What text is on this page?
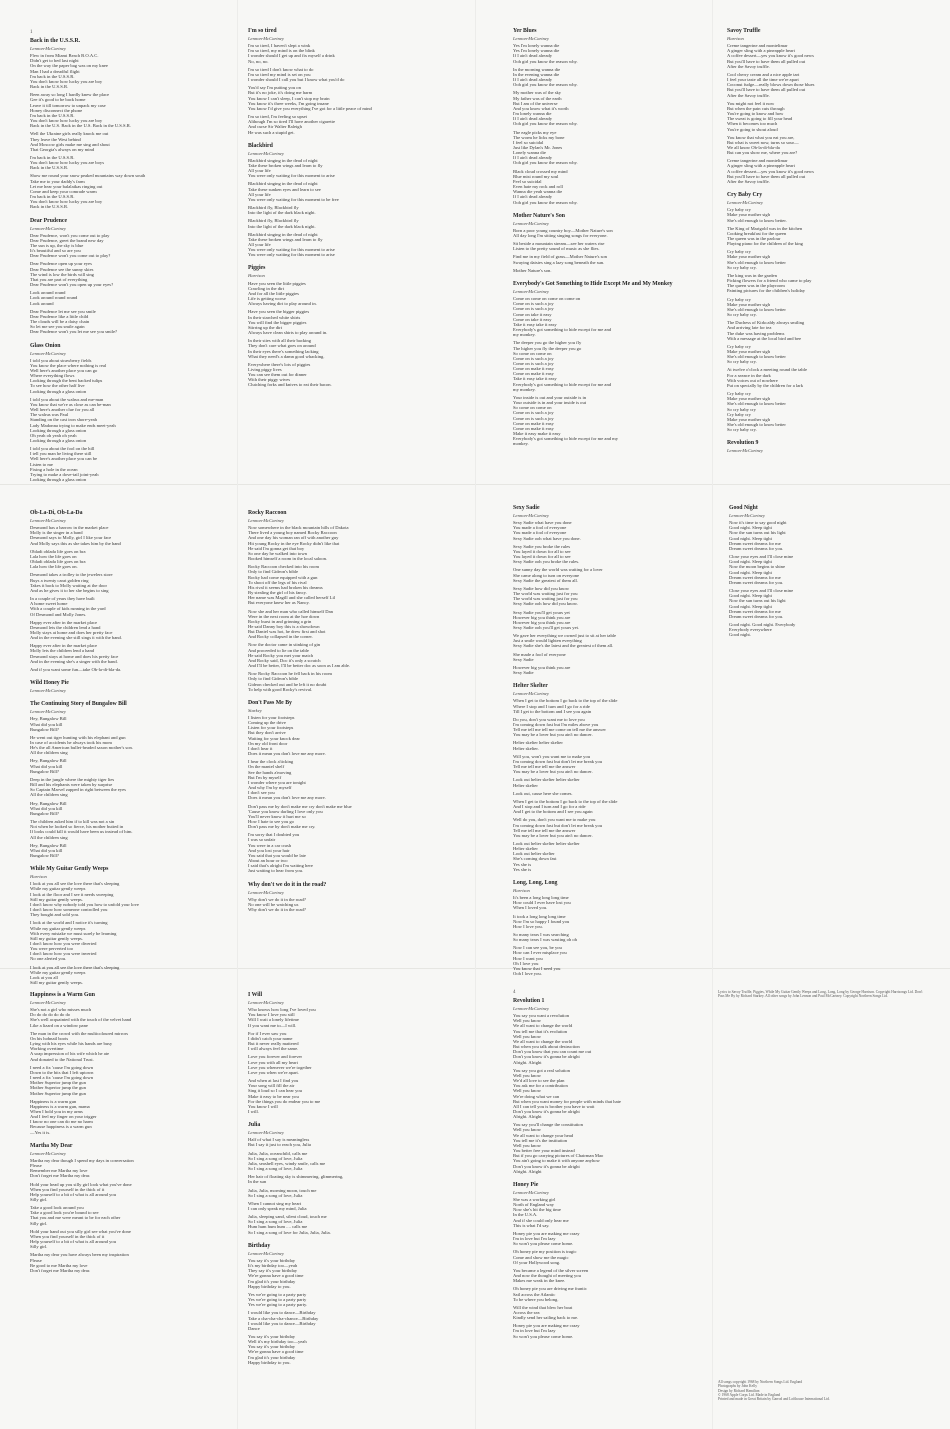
1
Back in the U.S.S.R.
Lennon-McCartney
Flew in from Miami Beach B.O.A.C.
Didn't get to bed last night
On the way the paper bag was on my knee
Man I had a dreadful flight
I'm back in the U.S.S.R.
You don't know how lucky you are boy
Back in the U.S.S.R.
Been away so long I hardly knew the place
Gee it's good to be back home
Leave it till tomorrow to unpack my case
Honey disconnect the phone
I'm back in the U.S.S.R.
You don't know how lucky you are boy
Back in the U.S. Back in the U.S. Back in the U.S.S.R.
Well the Ukraine girls really knock me out
They leave the West behind
And Moscow girls make me sing and shout
That Georgia's always on my mind
I'm back in the U.S.S.R.
You don't know how lucky you are boys
Back in the U.S.S.R.
Show me round your snow peaked mountains way down south
Take me to your daddy's farm
Let me hear your balalaikas ringing out
Come and keep your comrade warm
I'm back in the U.S.S.R.
You don't know how lucky you are boy
Back in the U.S.S.R.
Dear Prudence
Lennon-McCartney
Dear Prudence, won't you come out to play
Dear Prudence, greet the brand new day
The sun is up, the sky is blue
It's beautiful and so are you
Dear Prudence won't you come out to play?
Dear Prudence open up your eyes
Dear Prudence see the sunny skies
The wind is low the birds will sing
That you are part of everything
Dear Prudence won't you open up your eyes?
Look around round
Look around round round
Look around
Dear Prudence let me see you smile
Dear Prudence like a little child
The clouds will be a daisy chain
So let me see you smile again
Dear Prudence won't you let me see you smile?
Glass Onion
Lennon-McCartney
I told you about strawberry fields
You know the place where nothing is real
Well here's another place you can go
Where everything flows
Looking through the bent backed tulips
To see how the other half live
Looking through a glass onion
I told you about the walrus and me-man
You know that we're as close as can be-man
Well here's another clue for you all
The walrus was Paul
Standing on the cast iron shore-yeah
Lady Madonna trying to make ends meet-yeah
Looking through a glass onion
Oh yeah oh yeah oh yeah
Looking through a glass onion
I told you about the fool on the hill
I tell you man he living there still
Well here's another place you can be
Listen to me
Fixing a hole in the ocean
Trying to make a dove-tail joint-yeah
Looking through a glass onion
I'm so tired
Lennon-McCartney
I'm so tired, I haven't slept a wink
I'm so tired, my mind is on the blink
I wonder should I get up and fix myself a drink
No, no, no.
I'm so tired I don't know what to do
I'm so tired my mind is set on you
I wonder should I call you but I know what you'd do
You'd say I'm putting you on
But it's no joke, it's doing me harm
You know I can't sleep, I can't stop my brain
You know it's three weeks, I'm going insane
You know I'd give you everything I've got for a little peace of mind
I'm so tired, I'm feeling so upset
Although I'm so tired I'll have another cigarette
And curse Sir Walter Raleigh
He was such a stupid get.
Blackbird
Lennon-McCartney
Blackbird singing in the dead of night
Take these broken wings and learn to fly
All your life
You were only waiting for this moment to arise
Blackbird singing in the dead of night
Take these sunken eyes and learn to see
All your life
You were only waiting for this moment to be free
Blackbird fly, Blackbird fly
Into the light of the dark black night.
Blackbird fly, Blackbird fly
Into the light of the dark black night.
Blackbird singing in the dead of night
Take these broken wings and learn to fly
All your life
You were only waiting for this moment to arise
You were only waiting for this moment to arise
Piggies
Harrison
Have you seen the little piggies
Crawling in the dirt
And for all the little piggies
Life is getting worse
Always having dirt to play around in.
Have you seen the bigger piggies
In their starched white shirts
You will find the bigger piggies
Stirring up the dirt
Always have clean shirts to play around in.
In their sties with all their backing
They don't care what goes on around
In their eyes there's something lacking
What they need's a damn good whacking.
Everywhere there's lots of piggies
Living piggy lives
You can see them out for dinner
With their piggy wives
Clutching forks and knives to eat their bacon.
Yer Blues
Lennon-McCartney
Yes I'm lonely wanna die
Yes I'm lonely wanna die
If I ain't dead already
Ooh girl you know the reason why.
In the morning wanna die
In the evening wanna die
If I ain't dead already
Ooh girl you know the reason why.
My mother was of the sky
My father was of the earth
But I am of the universe
And you know what it's worth
I'm lonely wanna die
If I ain't dead already
Ooh girl you know the reason why.
The eagle picks my eye
The worm he licks my bone
I feel so suicidal
Just like Dylan's Mr. Jones
Lonely wanna die
If I ain't dead already
Ooh girl you know the reason why.
Black cloud crossed my mind
Blue mist round my soul
Feel so suicidal
Even hate my rock and roll
Wanna die yeah wanna die
If I ain't dead already
Ooh girl you know the reason why.
Mother Nature's Son
Lennon-McCartney
Born a poor young country boy—Mother Nature's son
All day long I'm sitting singing songs for everyone.
Sit beside a mountain stream—see her waters rise
Listen to the pretty sound of music as she flies.
Find me in my field of grass—Mother Nature's son
Swaying daisies sing a lazy song beneath the sun.
Mother Nature's son.
Everybody's Got Something to Hide Except Me and My Monkey
Lennon-McCartney
Come on come on come on come on
Come on is such a joy
Come on is such a joy
Come on take it easy
Come on take it easy
Take it easy take it easy
Everybody's got something to hide except for me and
my monkey.
The deeper you go the higher you fly
The higher you fly the deeper you go
So come on come on
Come on is such a joy
Come on is such a joy
Come on make it easy
Come on make it easy
Take it easy take it easy
Everybody's got something to hide except for me and
my monkey.
Your inside is out and your outside is in
Your outside is in and your inside is out
So come on come on
Come on is such a joy
Come on is such a joy
Come on make it easy
Come on make it easy
Make it easy make it easy
Everybody's got something to hide except for me and my
monkey.
Savoy Truffle
Harrison
Creme tangerine and montelimar
A ginger sling with a pineapple heart
A coffee dessert—yes you know it's good news
But you'll have to have them all pulled out
After the Savoy truffle.
Cool cherry cream and a nice apple tart
I feel your taste all the time we're apart
Coconut fudge—really blows down those blues
But you'll have to have them all pulled out
After the Savoy truffle.
You might not feel it now
But when the pain cuts through
You're going to know and how
The sweat is going to fill your head
When it becomes too much
You're going to shout aloud
You know that what you eat you are,
But what is sweet now, turns so sour—
We all know Ob-la-di-bla-da
But can you show me, where you are?
Creme tangerine and montelimar
A ginger sling with a pineapple heart
A coffee dessert—yes you know it's good news
But you'll have to have them all pulled out
After the Savoy truffle.
Cry Baby Cry
Lennon-McCartney
Cry baby cry
Make your mother sigh
She's old enough to know better.
The King of Marigold was in the kitchen
Cooking breakfast for the queen
The queen was in the parlour
Playing piano for the children of the king
Cry baby cry
Make your mother sigh
She's old enough to know better
So cry baby cry.
The king was in the garden
Picking flowers for a friend who came to play
The queen was in the playroom
Painting pictures for the children's holiday
Cry baby cry
Make your mother sigh
She's old enough to know better
So cry baby cry.
The Duchess of Kirkcaldy always smiling
And arriving late for tea
The duke was having problems
With a message at the local bird and bee
Cry baby cry
Make your mother sigh
She's old enough to know better
So cry baby cry.
At twelve o'clock a meeting round the table
For a seance in the dark
With voices out of nowhere
Put on specially by the children for a lark
Cry baby cry
Make your mother sigh
She's old enough to know better
So cry baby cry
Cry baby cry
Make your mother sigh
She's old enough to know better
So cry baby cry.
Revolution 9
Lennon-McCartney
Ob-La-Di, Ob-La-Da
Lennon-McCartney
Desmond has a barrow in the market place
Molly is the singer in a band
Desmond says to Molly, girl I like your face
And Molly says this as she takes him by the hand
Obladi oblada life goes on bra
Lala how the life goes on
Obladi oblada life goes on bra
Lala how the life goes on.
Desmond takes a trolley to the jewelers store
Buys a twenty carat golden ring
Takes it back to Molly waiting at the door
And as he gives it to her she begins to sing
In a couple of years they have built
A home sweet home
With a couple of kids running in the yard
Of Desmond and Molly Jones.
Happy ever after in the market place
Desmond lets the children lend a hand
Molly stays at home and does her pretty face
And in the evening she still sings it with the band.
Happy ever after in the market place
Molly lets the children lend a hand
Desmond stays at home and does his pretty face
And in the evening she's a singer with the band.
And if you want some fun—take Ob-la-di-bla-da.
Wild Honey Pie
Lennon-McCartney
The Continuing Story of Bungalow Bill
Lennon-McCartney
Hey, Bungalow Bill
What did you kill
Bungalow Bill?
He went out tiger hunting with his elephant and gun
In case of accidents he always took his mom
He's the all American bullet-headed saxon mother's son.
All the children sing
Hey, Bungalow Bill
What did you kill
Bungalow Bill?
Deep in the jungle where the mighty tiger lies
Bill and his elephants were taken by surprise
So Captain Marvel zapped in right between the eyes
All the children sing
Hey, Bungalow Bill
What did you kill
Bungalow Bill?
The children asked him if to kill was not a sin
Not when he looked so fierce, his mother butted in
If looks could kill it would have been us instead of him.
All the children sing
Hey, Bungalow Bill
What did you kill
Bungalow Bill?
While My Guitar Gently Weeps
Harrison
I look at you all see the love there that's sleeping
While my guitar gently weeps
I look at the floor and I see it needs sweeping
Still my guitar gently weeps.
I don't know why nobody told you how to unfold your love
I don't know how someone controlled you
They bought and sold you.
I look at the world and I notice it's turning
While my guitar gently weeps
With every mistake we must surely be learning
Still my guitar gently weeps.
I don't know how you were diverted
You were perverted too
I don't know how you were inverted
No one alerted you.
I look at you all see the love there that's sleeping
While my guitar gently weeps
Look at you all
Still my guitar gently weeps.
Rocky Raccoon
Lennon-McCartney
Now somewhere in the black mountain hills of Dakota
There lived a young boy named Rocky Raccoon
And one day his woman ran off with another guy
Hit young Rocky in the eye Rocky didn't like that
He said I'm gonna get that boy
So one day he walked into town
Booked himself a room in the local saloon.
Rocky Raccoon checked into his room
Only to find Gideon's bible
Rocky had come equipped with a gun
To shoot off the legs of his rival
His rival it seems had broken his dreams
By stealing the girl of his fancy.
Her name was Magill and she called herself Lil
But everyone knew her as Nancy.
Now she and her man who called himself Dan
Were in the next room at the hoe down
Rocky burst in and grinning a grin
He said Danny boy this is a showdown
But Daniel was hot, he drew first and shot
And Rocky collapsed in the corner.
Now the doctor came in stinking of gin
And proceeded to lie on the table
He said Rocky you met your match
And Rocky said, Doc it's only a scratch
And I'll be better, I'll be better doc as soon as I am able.
Now Rocky Raccoon he fell back in his room
Only to find Gideon's bible
Gideon checked out and he left it no doubt
To help with good Rocky's revival.
Don't Pass Me By
Starkey
I listen for your footsteps
Coming up the drive
Listen for your footsteps
But they don't arrive
Waiting for your knock dear
On my old front door
I don't hear it
Does it mean you don't love me any more.
I hear the clock a'ticking
On the mantel shelf
See the hands a'moving
But I'm by myself
I wonder where you are tonight
And why I'm by myself
I don't see you
Does it mean you don't love me any more.
Don't pass me by don't make me cry don't make me blue
'Cause you know darling I love only you
You'll never know it hurt me so
How I hate to see you go
Don't pass me by don't make me cry.
I'm sorry that I doubted you
I was so unfair
You were in a car crash
And you lost your hair
You said that you would be late
About an hour or two
I said that's alright I'm waiting here
Just waiting to hear from you.
Why don't we do it in the road?
Lennon-McCartney
Why don't we do it in the road?
No one will be watching us
Why don't we do it in the road?
Sexy Sadie
Lennon-McCartney
Sexy Sadie what have you done
You made a fool of everyone
You made a fool of everyone
Sexy Sadie ooh what have you done.
Sexy Sadie you broke the rules
You layed it down for all to see
You layed it down for all to see
Sexy Sadie ooh you broke the rules.
One sunny day the world was waiting for a lover
She came along to turn on everyone
Sexy Sadie the greatest of them all.
Sexy Sadie how did you know
The world was waiting just for you
The world was waiting just for you
Sexy Sadie ooh how did you know.
Sexy Sadie you'll get yours yet
However big you think you are
However big you think you are
Sexy Sadie ooh you'll get yours yet.
We gave her everything we owned just to sit at her table
Just a smile would lighten everything
Sexy Sadie she's the latest and the greatest of them all.
She made a fool of everyone
Sexy Sadie
However big you think you are
Sexy Sadie
Helter Skelter
Lennon-McCartney
When I get to the bottom I go back to the top of the slide
Where I stop and I turn and I go for a ride
Till I get to the bottom and I see you again
Do you, don't you want me to love you
I'm coming down fast but I'm miles above you
Tell me tell me tell me come on tell me the answer
You may be a lover but you ain't no dancer.
Helter skelter helter skelter
Helter skelter.
Will you, won't you want me to make you
I'm coming down fast but don't let me break you
Tell me tell me tell me the answer
You may be a lover but you ain't no dancer.
Look out helter skelter helter skelter
Helter skelter
Look out, cause here she comes.
When I get to the bottom I go back to the top of the slide
And I stop and I turn and I go for a ride
And I get to the bottom and I see you again
Well do you, don't you want me to make you
I'm coming down fast but don't let me break you
Tell me tell me tell me the answer
You may be a lover but you ain't no dancer.
Look out helter skelter helter skelter
Helter skelter
Look out helter skelter
She's coming down fast
Yes she is
Yes she is
Long, Long, Long
Harrison
It's been a long long long time
How could I ever have lost you
When I loved you.
It took a long long long time
Now I'm so happy I found you
How I love you.
So many tears I was searching
So many tears I was wasting oh oh
Now I can see you, be you
How can I ever misplace you
How I want you
Oh I love you
You know that I need you
Ooh I love you.
Good Night
Lennon-McCartney
Now it's time to say good night
Good night. Sleep tight
Now the sun turns out his light
Good night. Sleep tight
Dream sweet dreams for me
Dream sweet dreams for you.
Close your eyes and I'll close mine
Good night. Sleep tight
Now the moon begins to shine
Good night. Sleep tight
Dream sweet dreams for me
Dream sweet dreams for you.
Close your eyes and I'll close mine
Good night. Sleep tight
Now the sun turns out his light
Good night. Sleep tight
Dream sweet dreams for me
Dream sweet dreams for you.
Good night. Good night. Everybody
Everybody everywhere
Good night.
Happiness is a Warm Gun
Lennon-McCartney
She's not a girl who misses much
Do do do do do do do
She's well acquainted with the touch of the velvet hand
Like a lizard on a window pane
The man in the crowd with the multicoloured mirrors
On his hobnail boots
Lying with his eyes while his hands are busy
Working overtime
A soap impression of his wife which he ate
And donated to the National Trust.
I need a fix 'cause I'm going down
Down to the bits that I left uptown
I need a fix 'cause I'm going down
Mother Superior jump the gun
Mother Superior jump the gun
Mother Superior jump the gun
Happiness is a warm gun
Happiness is a warm gun, mama
When I hold you in my arms
And I feel my finger on your trigger
I know no one can do me no harm
Because happiness is a warm gun
—Yes it is.
Martha My Dear
Lennon-McCartney
Martha my dear though I spend my days in conversation
Please
Remember me Martha my love
Don't forget me Martha my dear.
Hold your head up you silly girl look what you've done
When you find yourself in the thick of it
Help yourself to a bit of what is all around you
Silly girl.
Take a good look around you
Take a good look you're bound to see
That you and me were meant to be for each other
Silly girl.
Hold your hand out you silly girl see what you've done
When you find yourself in the thick of it
Help yourself to a bit of what is all around you
Silly girl.
Martha my dear you have always been my inspiration
Please
Be good to me Martha my love
Don't forget me Martha my dear.
I Will
Lennon-McCartney
Who knows how long I've loved you
You know I love you still
Will I wait a lonely lifetime
If you want me to—I will.
For if I ever saw you
I didn't catch your name
But it never really mattered
I will always feel the same.
Love you forever and forever
Love you with all my heart
Love you whenever we're together
Love you when we're apart.
And when at last I find you
Your song will fill the air
Sing it loud so I can hear you
Make it easy to be near you
For the things you do endear you to me
You know I will
I will.
Julia
Lennon-McCartney
Half of what I say is meaningless
But I say it just to reach you, Julia
Julia, Julia, oceanchild, calls me
So I sing a song of love, Julia
Julia, seashell eyes, windy smile, calls me
So I sing a song of love, Julia
Her hair of floating sky is shimmering, glimmering,
In the sun
Julia, Julia, morning moon, touch me
So I sing a song of love, Julia
When I cannot sing my heart
I can only speak my mind, Julia
Julia, sleeping sand, silent cloud, touch me
So I sing a song of love, Julia
Hum hum hum hum .... calls me
So I sing a song of love for Julia, Julia, Julia.
Birthday
Lennon-McCartney
You say it's your birthday
It's my birthday too—yeah
They say it's your birthday
We're gonna have a good time
I'm glad it's your birthday
Happy birthday to you.
Yes we're going to a party party
Yes we're going to a party party
Yes we're going to a party party.
I would like you to dance—Birthday
Take a cha-cha-cha-chance—Birthday
I would like you to dance—Birthday
Dance
You say it's your birthday
Well it's my birthday too—yeah
You say it's your birthday
We're gonna have a good time
I'm glad it's your birthday
Happy birthday to you.
4
Revolution 1
Lennon-McCartney
You say you want a revolution
Well you know
We all want to change the world
You tell me that it's evolution
Well you know
We all want to change the world
But when you talk about destruction
Don't you know that you can count me out
Don't you know it's gonna be alright
Alright. Alright
You say you got a real solution
Well you know
We'd all love to see the plan
You ask me for a contribution
Well you know
We're doing what we can
But when you want money for people with minds that hate
All I can tell you is brother you have to wait
Don't you know it's gonna be alright
Alright. Alright
You say you'll change the constitution
Well you know
We all want to change your head
You tell me it's the institution
Well you know
You better free your mind instead
But if you go carrying pictures of Chairman Mao
You ain't going to make it with anyone anyhow
Don't you know it's gonna be alright
Alright. Alright
Honey Pie
Lennon-McCartney
She was a working girl
North of England way
Now she's hit the big time
In the U.S.A.
And if she could only hear me
This is what I'd say.
Honey pie you are making me crazy
I'm in love but I'm lazy
So won't you please come home.
Oh honey pie my position is tragic
Come and show me the magic
Of your Hollywood song.
You became a legend of the silver screen
And now the thought of meeting you
Makes me weak in the knee.
Oh honey pie you are driving me frantic
Sail across the Atlantic
To be where you belong.
Will the wind that blew her boat
Across the sea
Kindly send her sailing back to me.
Honey pie you are making me crazy
I'm in love but I'm lazy
So won't you please come home.
Lyrics to Savoy Truffle, Piggies, While My Guitar Gently Weeps and Long, Long, Long by George Harrison. Copyright Harrisongs Ltd. Don't Pass Me By by Richard Starkey. All other songs by John Lennon and Paul McCartney. Copyright Northern Songs Ltd.
All songs copyright 1968 by Northern Songs Ltd. England
Photographs by John Kelly
Design by Richard Hamilton
© 1968 Apple Corps Ltd. Made in England
Printed and made in Great Britain by Garrod and Lofthouse International Ltd.
